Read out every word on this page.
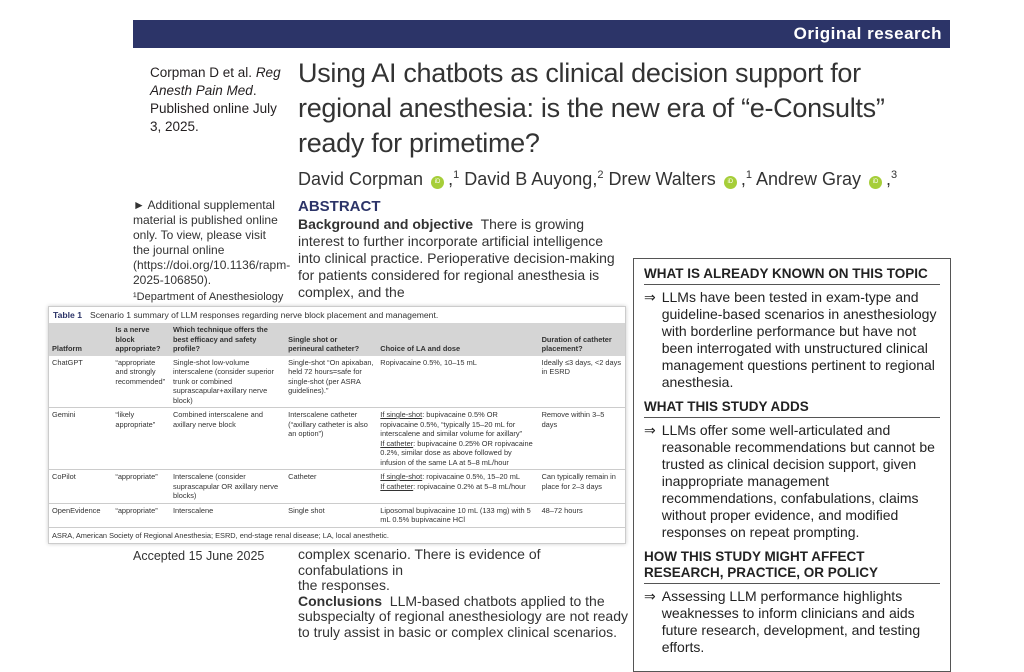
Original research
Corpman D et al. Reg Anesth Pain Med. Published online July 3, 2025.
Using AI chatbots as clinical decision support for regional anesthesia: is the new era of “e-Consults” ready for primetime?
David Corpman iD ,$^1$ David B Auyong,$^2$ Drew Walters iD ,$^1$ Andrew Gray iD ,$^3$
► Additional supplemental material is published online only. To view, please visit the journal online (https://doi.org/10.1136/rapm-2025-106850).
¹Department of Anesthesiology
ABSTRACT

Background and objective There is growing interest to further incorporate artificial intelligence into clinical practice. Perioperative decision-making for patients considered for regional anesthesia is complex, and the

complex scenario. There is evidence of confabulations in

the responses.

Conclusions LLM-based chatbots applied to the subspecialty of regional anesthesiology are not ready to truly assist in basic or complex clinical scenarios.

Accepted 15 June 2025
WHAT IS ALREADY KNOWN ON THIS TOPIC
⇒ LLMs have been tested in exam-type and guideline-based scenarios in anesthesiology with borderline performance but have not been interrogated with unstructured clinical management questions pertinent to regional anesthesia.
WHAT THIS STUDY ADDS
⇒ LLMs offer some well-articulated and reasonable recommendations but cannot be trusted as clinical decision support, given inappropriate management recommendations, confabulations, claims without proper evidence, and modified responses on repeat prompting.
HOW THIS STUDY MIGHT AFFECT RESEARCH, PRACTICE, OR POLICY
⇒ Assessing LLM performance highlights weaknesses to inform clinicians and aids future research, development, and testing efforts.
Table 1 Scenario 1 summary of LLM responses regarding nerve block placement and management.
Platform	Is a nerve block appropriate?	Which technique offers the best efficacy and safety profile?	Single shot or perineural catheter?	Choice of LA and dose	Duration of catheter placement?
ChatGPT	“appropriate and strongly recommended”	Single-shot low-volume interscalene (consider superior trunk or combined suprascapular+axillary nerve block)	Single-shot “On apixaban, held 72 hours=safe for single-shot (per ASRA guidelines).”	Ropivacaine 0.5%, 10–15 mL	Ideally ≤3 days, <2 days in ESRD
Gemini	“likely appropriate”	Combined interscalene and axillary nerve block	Interscalene catheter (“axillary catheter is also an option”)	If single-shot: bupivacaine 0.5% OR ropivacaine 0.5%, “typically 15–20 mL for interscalene and similar volume for axillary”
If catheter: bupivacaine 0.25% OR ropivacaine 0.2%, similar dose as above followed by infusion of the same LA at 5–8 mL/hour	Remove within 3–5 days
CoPilot	“appropriate”	Interscalene (consider suprascapular OR axillary nerve blocks)	Catheter	If single-shot: ropivacaine 0.5%, 15–20 mL
If catheter: ropivacaine 0.2% at 5–8 mL/hour	Can typically remain in place for 2–3 days
OpenEvidence	“appropriate”	Interscalene	Single shot	Liposomal bupivacaine 10 mL (133 mg) with 5 mL 0.5% bupivacaine HCl	48–72 hours
ASRA, American Society of Regional Anesthesia; ESRD, end-stage renal disease; LA, local anesthetic.
